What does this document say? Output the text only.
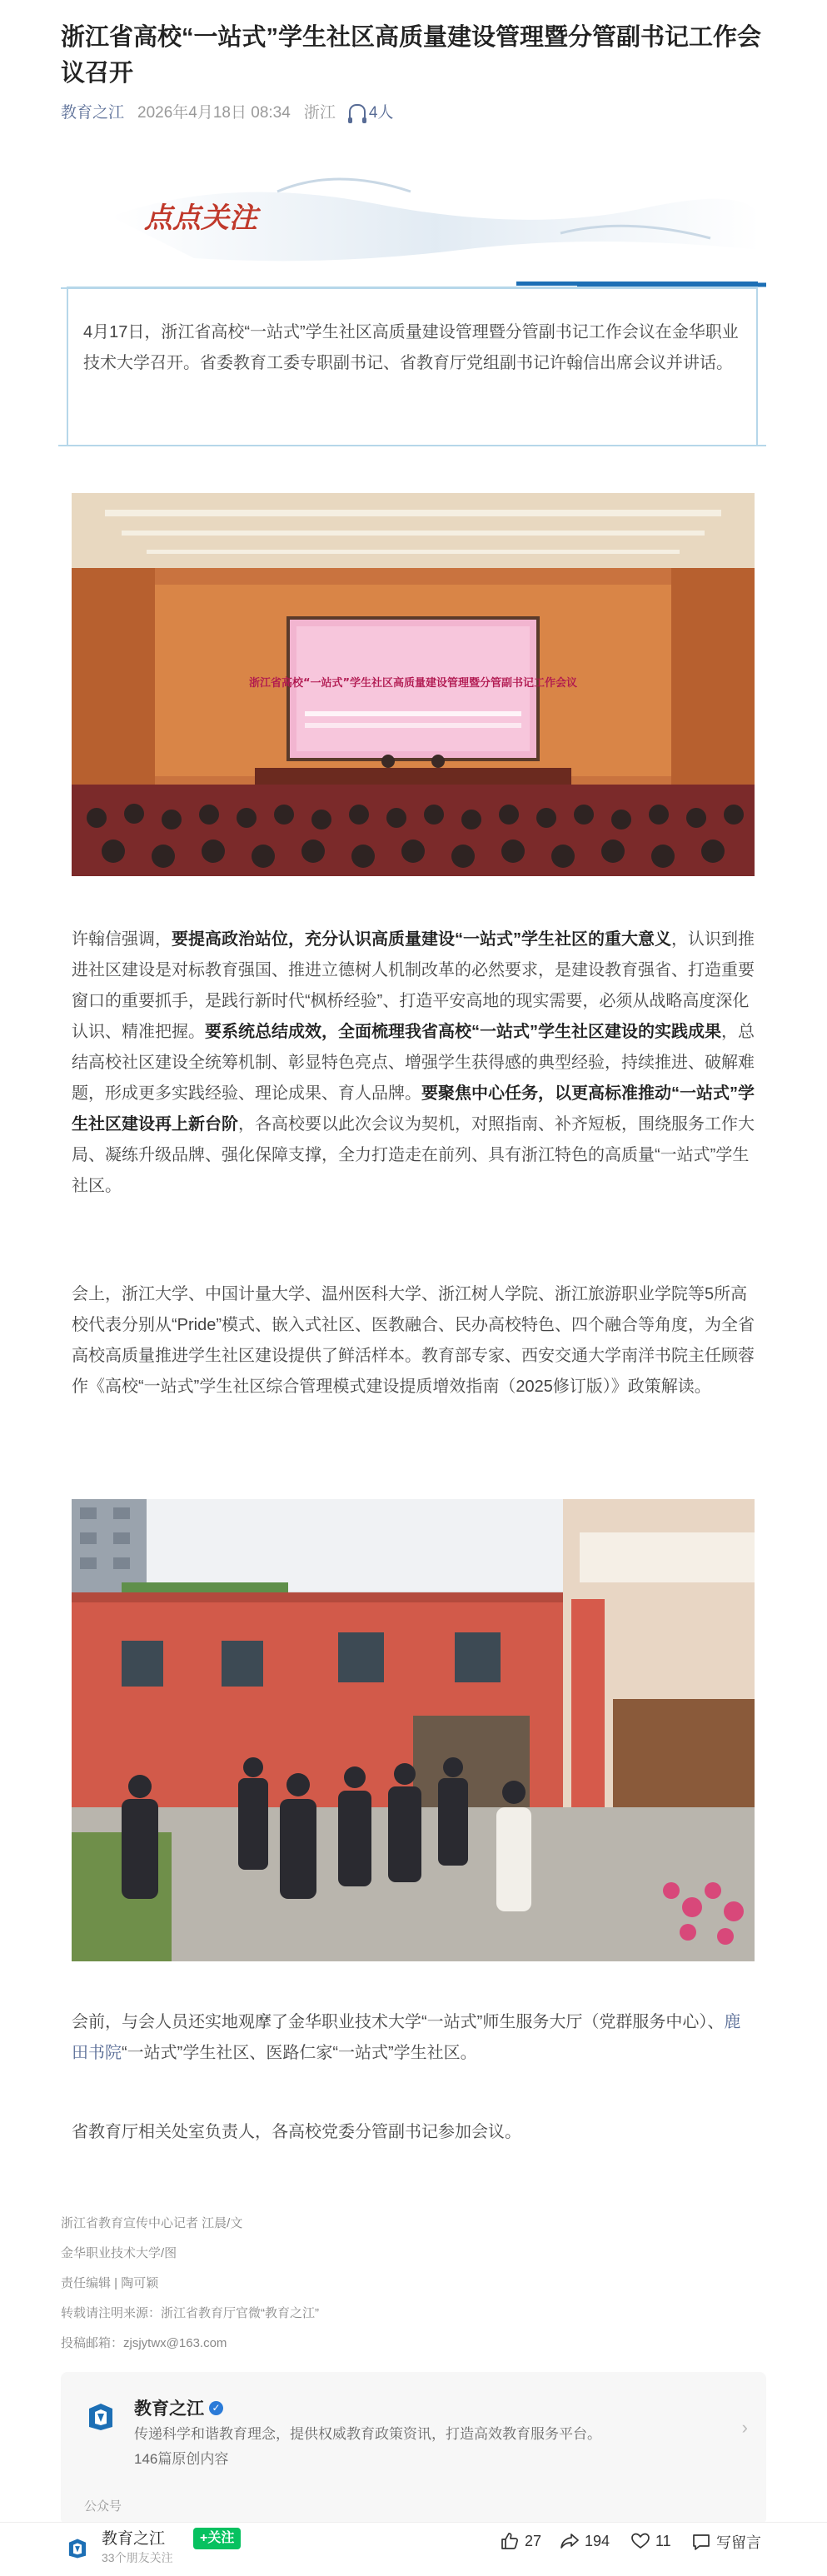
浙江省高校“一站式”学生社区高质量建设管理暨分管副书记工作会议召开
教育之江 2026年4月18日 08:34 浙江 4人
点点关注

4月17日，浙江省高校“一站式”学生社区高质量建设管理暨分管副书记工作会议在金华职业技术大学召开。省委教育工委专职副书记、省教育厅党组副书记许翰信出席会议并讲话。

浙江省高校“一站式”学生社区高质量建设管理暨分管副书记工作会议

许翰信强调，要提高政治站位，充分认识高质量建设“一站式”学生社区的重大意义，认识到推进社区建设是对标教育强国、推进立德树人机制改革的必然要求，是建设教育强省、打造重要窗口的重要抓手，是践行新时代“枫桥经验”、打造平安高地的现实需要，必须从战略高度深化认识、精准把握。要系统总结成效，全面梳理我省高校“一站式”学生社区建设的实践成果，总结高校社区建设全统筹机制、彰显特色亮点、增强学生获得感的典型经验，持续推进、破解难题，形成更多实践经验、理论成果、育人品牌。要聚焦中心任务，以更高标准推动“一站式”学生社区建设再上新台阶，各高校要以此次会议为契机，对照指南、补齐短板，围绕服务工作大局、凝练升级品牌、强化保障支撑，全力打造走在前列、具有浙江特色的高质量“一站式”学生社区。

会上，浙江大学、中国计量大学、温州医科大学、浙江树人学院、浙江旅游职业学院等5所高校代表分别从“Pride”模式、嵌入式社区、医教融合、民办高校特色、四个融合等角度，为全省高校高质量推进学生社区建设提供了鲜活样本。教育部专家、西安交通大学南洋书院主任顾蓉作《高校“一站式”学生社区综合管理模式建设提质增效指南（2025修订版）》政策解读。

会前，与会人员还实地观摩了金华职业技术大学“一站式”师生服务大厅（党群服务中心）、鹿田书院“一站式”学生社区、医路仁家“一站式”学生社区。

省教育厅相关处室负责人，各高校党委分管副书记参加会议。

浙江省教育宣传中心记者 江晨/文
金华职业技术大学/图
责任编辑 | 陶可颖
转载请注明来源：浙江省教育厅官微“教育之江”
投稿邮箱：zjsjytwx@163.com
教育之江 ✓
传递科学和谐教育理念，提供权威教育政策资讯，打造高效教育服务平台。
146篇原创内容
›
公众号
教育之江
33个朋友关注
+关注	27	194	11	写留言
